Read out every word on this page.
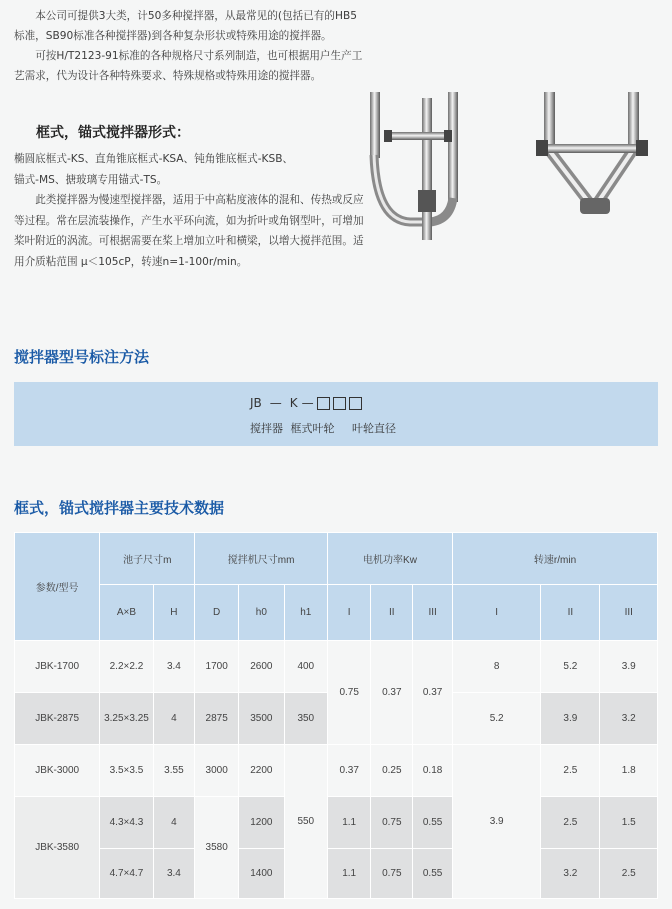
本公司可提供3大类，计50多种搅拌器，从最常见的(包括已有的HB5标准，SB90标准各种搅拌器)到各种复杂形状或特殊用途的搅拌器。

可按H/T2123-91标准的各种规格尺寸系列制造，也可根据用户生产工艺需求，代为设计各种特殊要求、特殊规格或特殊用途的搅拌器。

框式，锚式搅拌器形式：

椭圆底框式-KS、直角锥底框式-KSA、钝角锥底框式-KSB、

锚式-MS、搪玻璃专用锚式-TS。

此类搅拌器为慢速型搅拌器，适用于中高粘度液体的混和、传热或反应等过程。常在层流装操作，产生水平环向流，如为折叶或角钢型叶，可增加桨叶附近的涡流。可根据需要在桨上增加立叶和横梁，以增大搅拌范围。适用介质粘范围 μ＜105cP，转速n=1-100r/min。

搅拌器型号标注方法
JB — K —
搅拌器 框式叶轮 叶轮直径
框式，锚式搅拌器主要技术数据
参数/型号	池子尺寸m		搅拌机尺寸mm			电机功率Kw			转速r/min		
	A×B	H	D	h0	h1	I	II	III	I	II	III
JBK-1700	2.2×2.2	3.4	1700	2600	400	0.75	0.37	0.37	8	5.2	3.9
JBK-2875	3.25×3.25	4	2875	3500	350				5.2	3.9	3.2
JBK-3000	3.5×3.5	3.55	3000	2200	550	0.37	0.25	0.18	3.9	2.5	1.8
JBK-3580	4.3×4.3	4	3580	1200		1.1	0.75	0.55		2.5	1.5
	4.7×4.7	3.4		1400		1.1	0.75	0.55		3.2	2.5
